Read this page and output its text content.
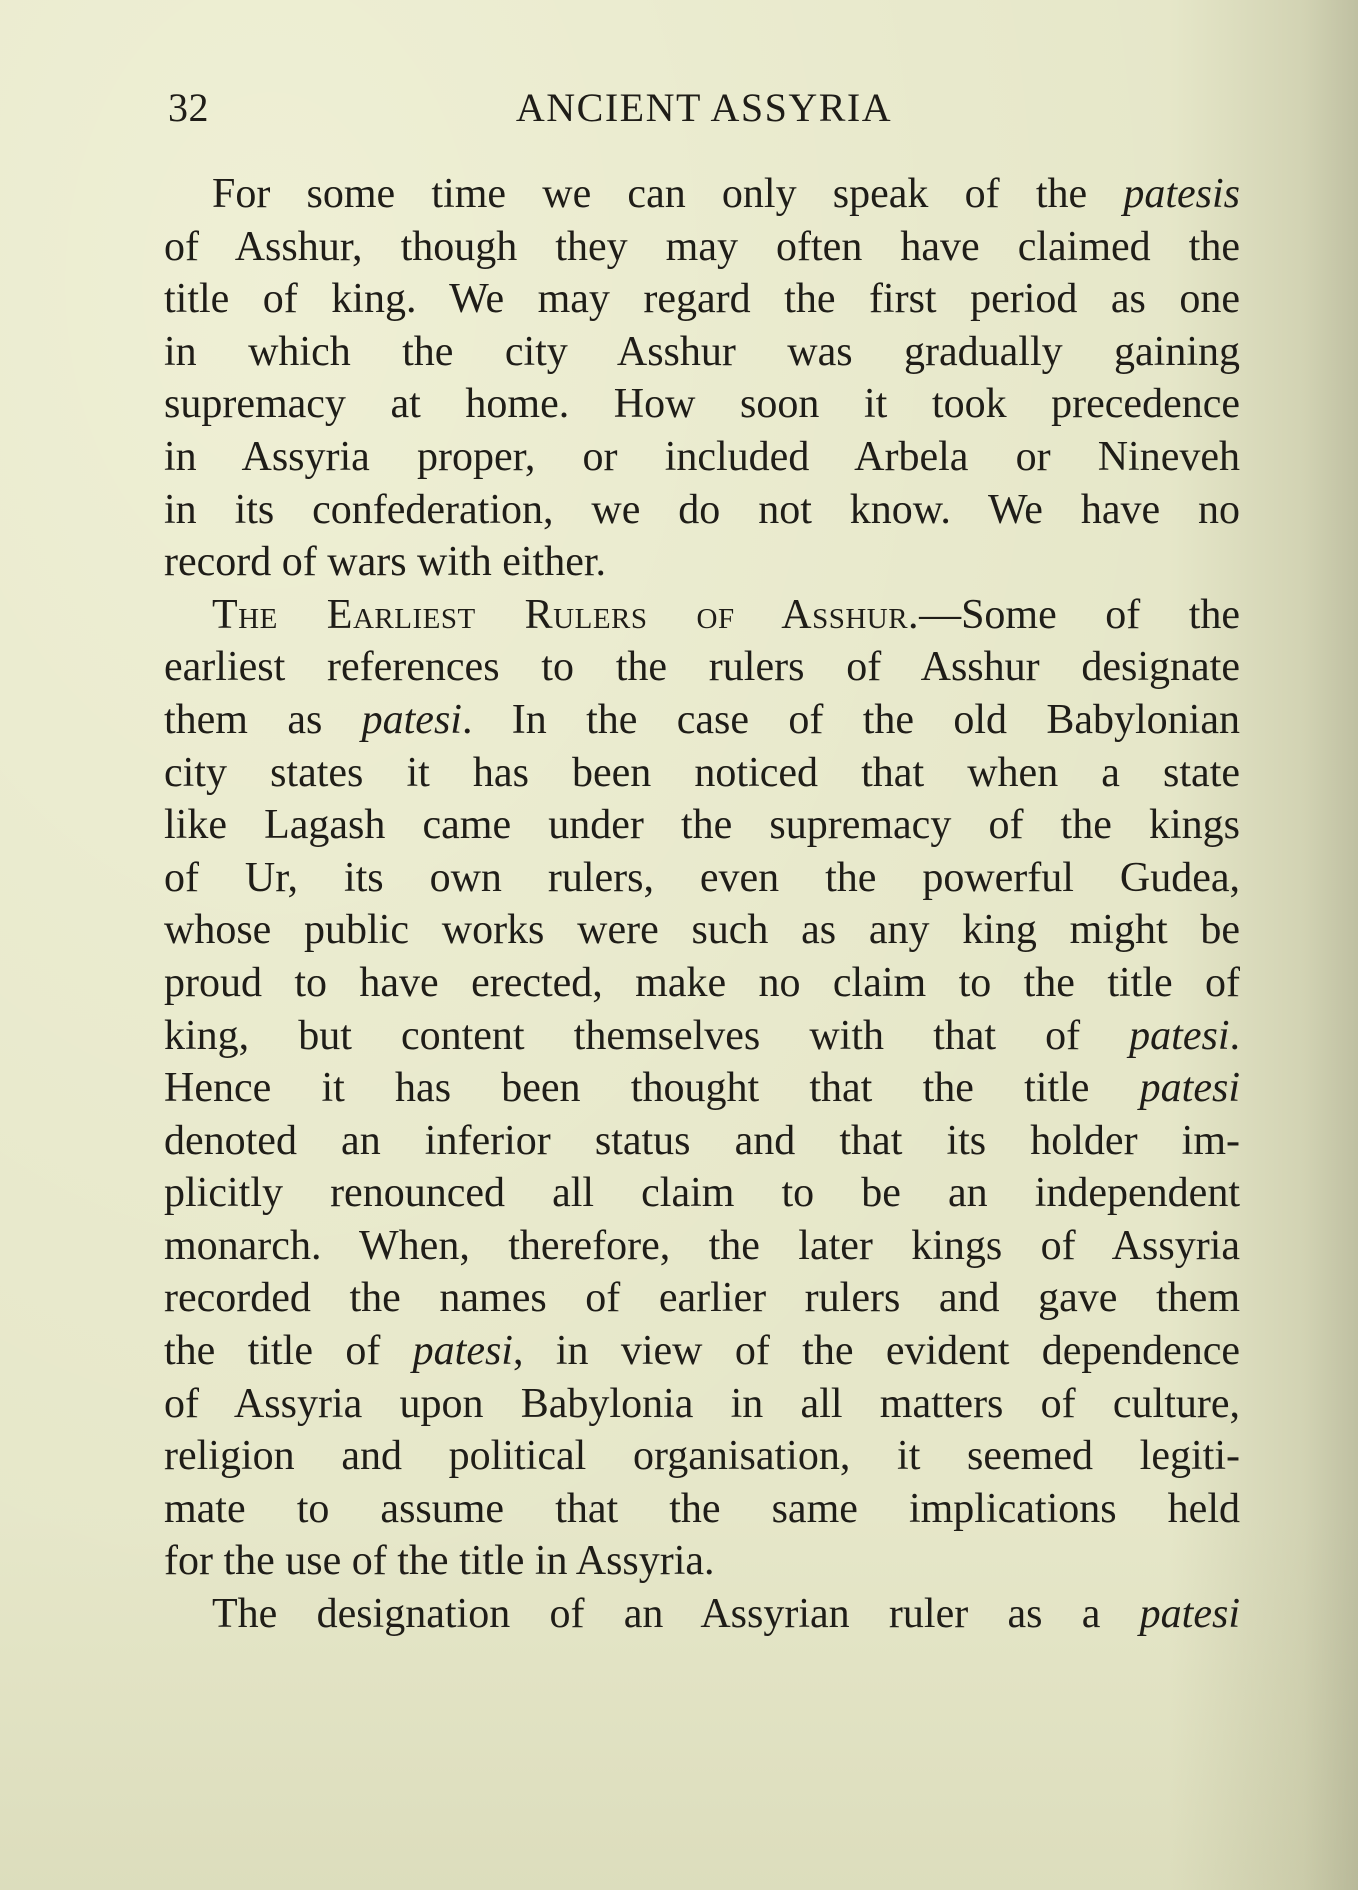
32	ANCIENT ASSYRIA
For some time we can only speak of the patesis
of Asshur, though they may often have claimed the
title of king. We may regard the first period as one
in which the city Asshur was gradually gaining
supremacy at home. How soon it took precedence
in Assyria proper, or included Arbela or Nineveh
in its confederation, we do not know. We have no
record of wars with either.
The Earliest Rulers of Asshur.—Some of the
earliest references to the rulers of Asshur designate
them as patesi. In the case of the old Babylonian
city states it has been noticed that when a state
like Lagash came under the supremacy of the kings
of Ur, its own rulers, even the powerful Gudea,
whose public works were such as any king might be
proud to have erected, make no claim to the title of
king, but content themselves with that of patesi.
Hence it has been thought that the title patesi
denoted an inferior status and that its holder im-
plicitly renounced all claim to be an independent
monarch. When, therefore, the later kings of Assyria
recorded the names of earlier rulers and gave them
the title of patesi, in view of the evident dependence
of Assyria upon Babylonia in all matters of culture,
religion and political organisation, it seemed legiti-
mate to assume that the same implications held
for the use of the title in Assyria.
The designation of an Assyrian ruler as a patesi
